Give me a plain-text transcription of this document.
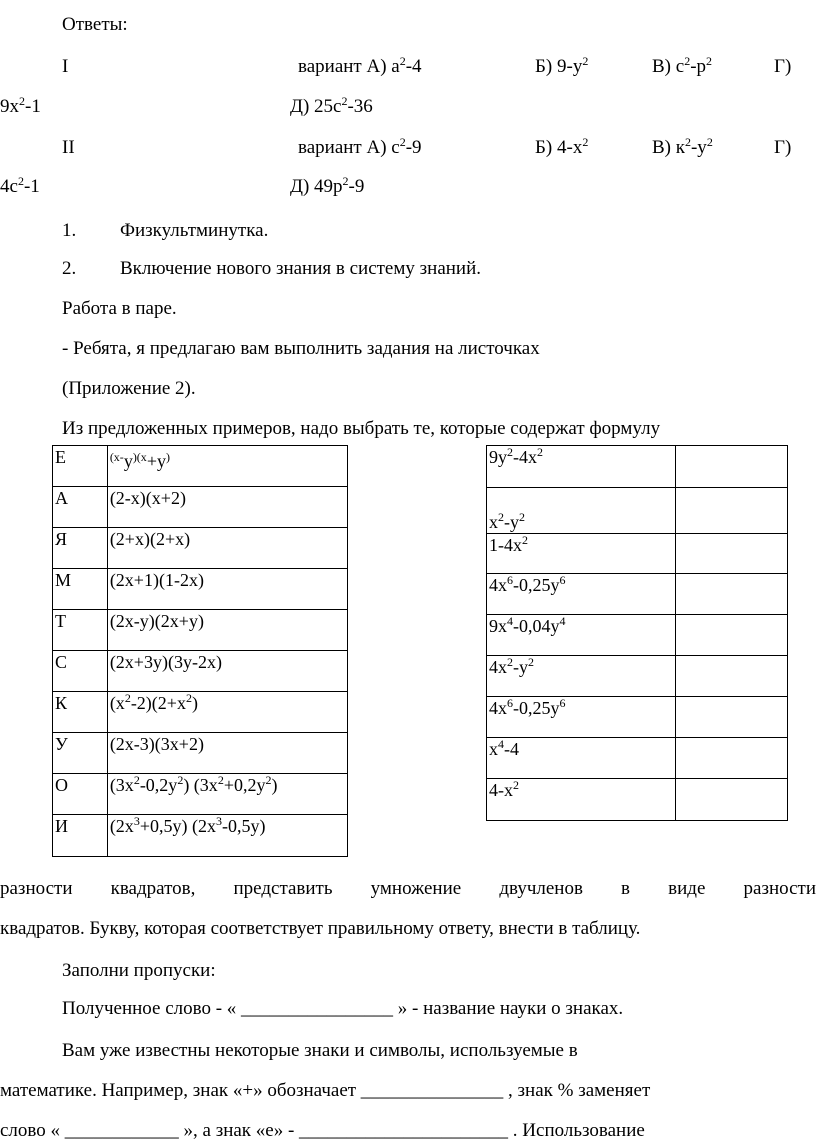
Ответы:
I	вариант А) $а^2-4$	Б) $9-у^2$	В) $с^2-р^2$	Г)
$9х^2-1$	Д) $25с^2-36$
II	вариант А) $с^2-9$	Б) $4-х^2$	В) $к^2-у^2$	Г)
$4с^2-1$	Д) $49р^2-9$
1. Физкультминутка.
2. Включение нового знания в систему знаний.
Работа в паре.
- Ребята, я предлагаю вам выполнить задания на листочках
(Приложение 2).
Из предложенных примеров, надо выбрать те, которые содержат формулу
Е	$^{(х-}у^{)(х}+у^)$
А	(2-х)(х+2)
Я	(2+х)(2+х)
М	(2х+1)(1-2х)
Т	(2х-у)(2х+у)
С	(2х+3у)(3у-2х)
К	$(х^2-2)(2+х^2)$
У	(2х-3)(3х+2)
О	$(3х^2-0,2у^2)$ $(3х^2+0,2у^2)$
И	$(2х^3+0,5у)$ $(2х^3-0,5у)$
$9у^2-4х^2$	
$х^2-у^2$	
$1-4х^2$	
$4х^6-0,25у^6$	
$9х^4-0,04у^4$	
$4х^2-у^2$	
$4х^6-0,25у^6$	
$х^4-4$	
$4-х^2$	
разности квадратов, представить умножение двучленов в виде разности
квадратов. Букву, которая соответствует правильному ответу, внести в таблицу.
Заполни пропуски:
Полученное слово - « ________________ » - название науки о знаках.
Вам уже известны некоторые знаки и символы, используемые в
математике. Например, знак «+» обозначает _______________ , знак % заменяет
слово « ____________ », а знак «е» - ______________________ . Использование
